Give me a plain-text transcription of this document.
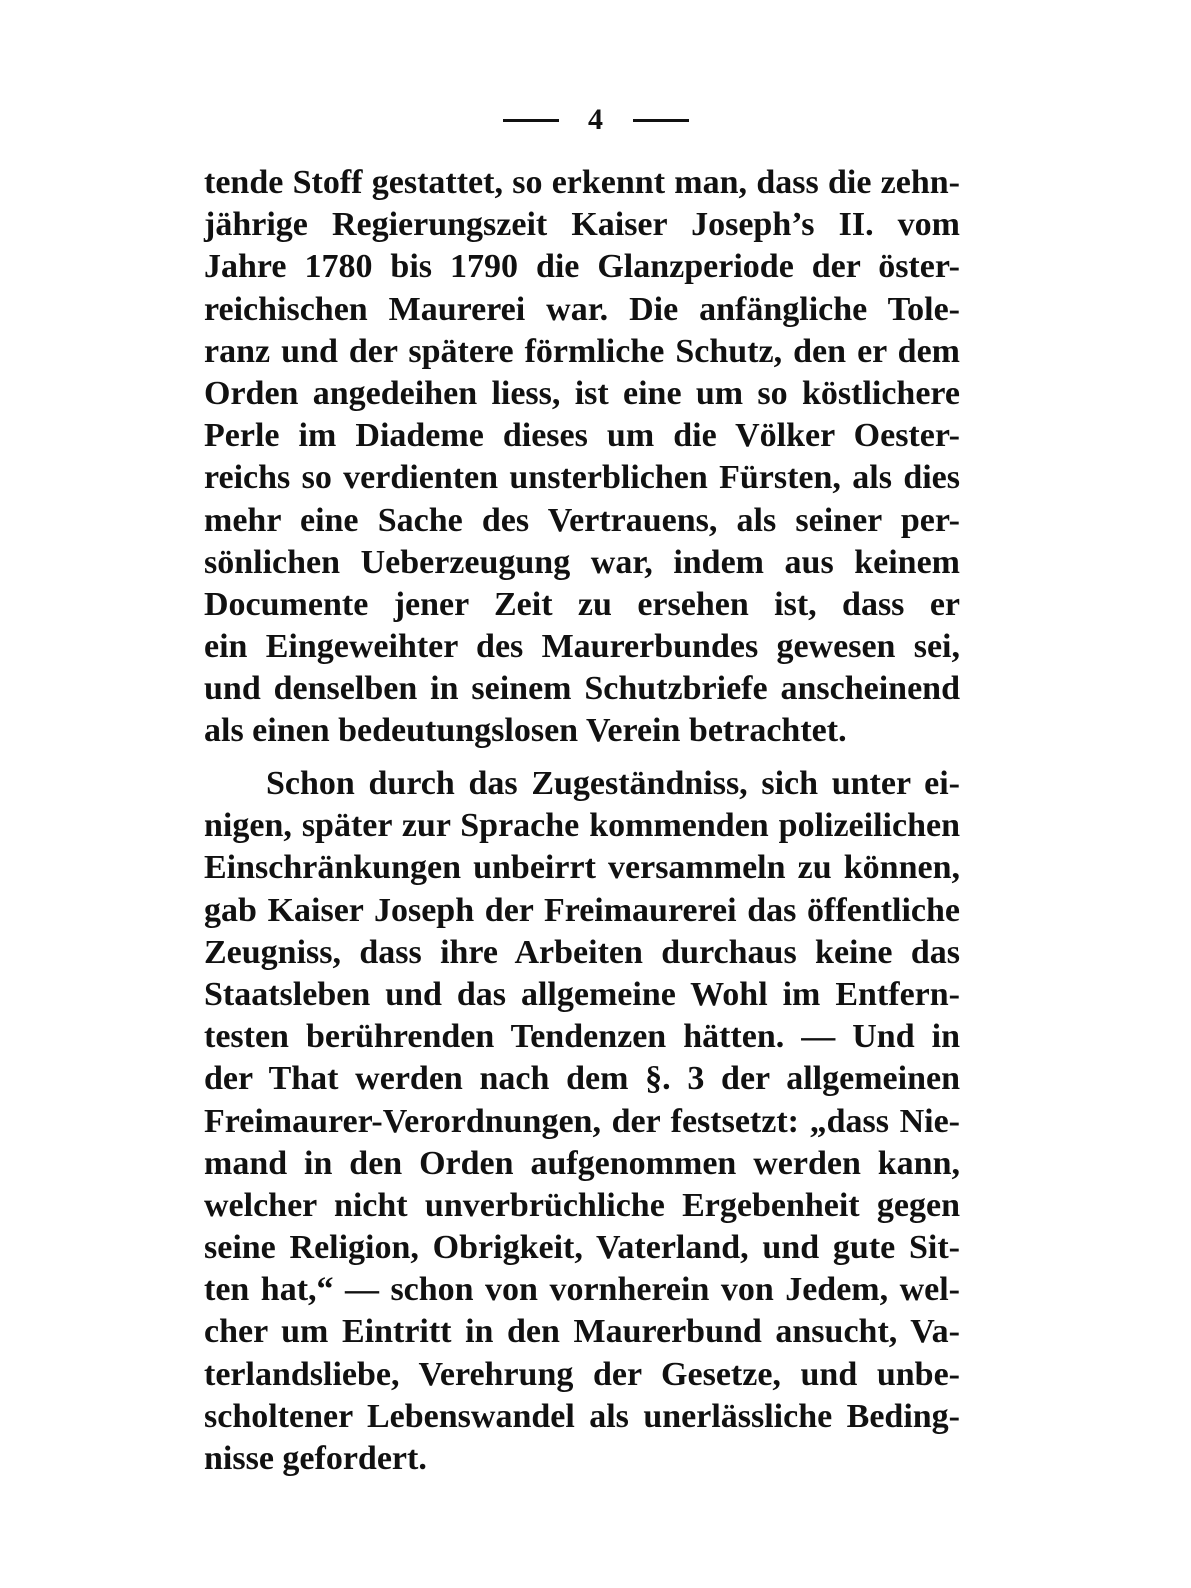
4
tende Stoff gestattet, so erkennt man, dass die zehn-
jährige Regierungszeit Kaiser Joseph’s II. vom
Jahre 1780 bis 1790 die Glanzperiode der öster-
reichischen Maurerei war. Die anfängliche Tole-
ranz und der spätere förmliche Schutz, den er dem
Orden angedeihen liess, ist eine um so köstlichere
Perle im Diademe dieses um die Völker Oester-
reichs so verdienten unsterblichen Fürsten, als dies
mehr eine Sache des Vertrauens, als seiner per-
sönlichen Ueberzeugung war, indem aus keinem
Documente jener Zeit zu ersehen ist, dass er
ein Eingeweihter des Maurerbundes gewesen sei,
und denselben in seinem Schutzbriefe anscheinend
als einen bedeutungslosen Verein betrachtet.
Schon durch das Zugeständniss, sich unter ei-
nigen, später zur Sprache kommenden polizeilichen
Einschränkungen unbeirrt versammeln zu können,
gab Kaiser Joseph der Freimaurerei das öffentliche
Zeugniss, dass ihre Arbeiten durchaus keine das
Staatsleben und das allgemeine Wohl im Entfern-
testen berührenden Tendenzen hätten. — Und in
der That werden nach dem §. 3 der allgemeinen
Freimaurer-Verordnungen, der festsetzt: „dass Nie-
mand in den Orden aufgenommen werden kann,
welcher nicht unverbrüchliche Ergebenheit gegen
seine Religion, Obrigkeit, Vaterland, und gute Sit-
ten hat,“ — schon von vornherein von Jedem, wel-
cher um Eintritt in den Maurerbund ansucht, Va-
terlandsliebe, Verehrung der Gesetze, und unbe-
scholtener Lebenswandel als unerlässliche Beding-
nisse gefordert.
